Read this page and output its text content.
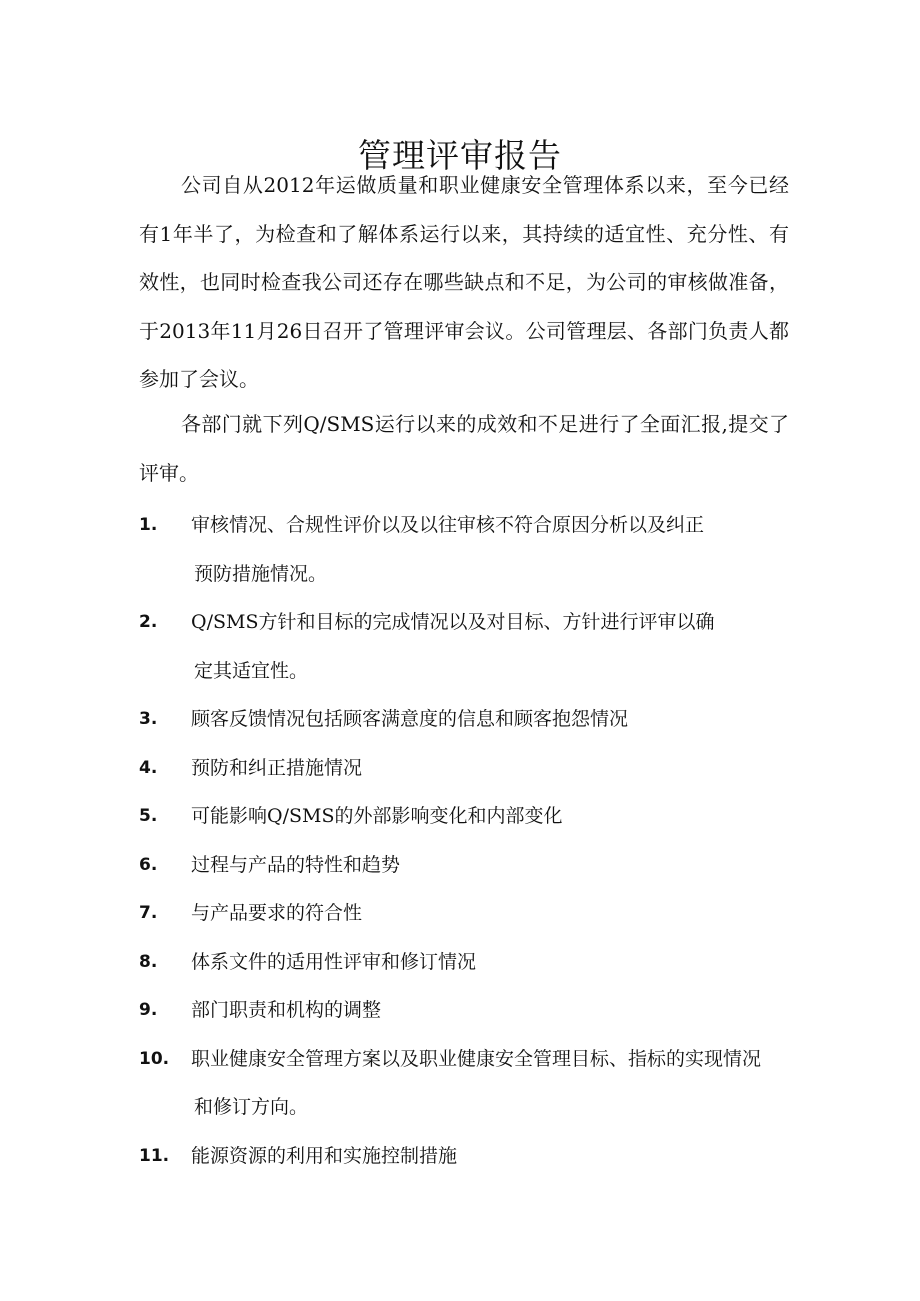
管理评审报告

公司自从2012年运做质量和职业健康安全管理体系以来，至今已经有1年半了，为检查和了解体系运行以来，其持续的适宜性、充分性、有效性，也同时检查我公司还存在哪些缺点和不足，为公司的审核做准备，于2013年11月26日召开了管理评审会议。公司管理层、各部门负责人都参加了会议。

各部门就下列Q/SMS运行以来的成效和不足进行了全面汇报,提交了评审。

1.	审核情况、合规性评价以及以往审核不符合原因分析以及纠正
预防措施情况。
2.	Q/SMS方针和目标的完成情况以及对目标、方针进行评审以确
定其适宜性。
3.	顾客反馈情况包括顾客满意度的信息和顾客抱怨情况
4.	预防和纠正措施情况
5.	可能影响Q/SMS的外部影响变化和内部变化
6.	过程与产品的特性和趋势
7.	与产品要求的符合性
8.	体系文件的适用性评审和修订情况
9.	部门职责和机构的调整
10.	职业健康安全管理方案以及职业健康安全管理目标、指标的实现情况
和修订方向。
11.	能源资源的利用和实施控制措施
